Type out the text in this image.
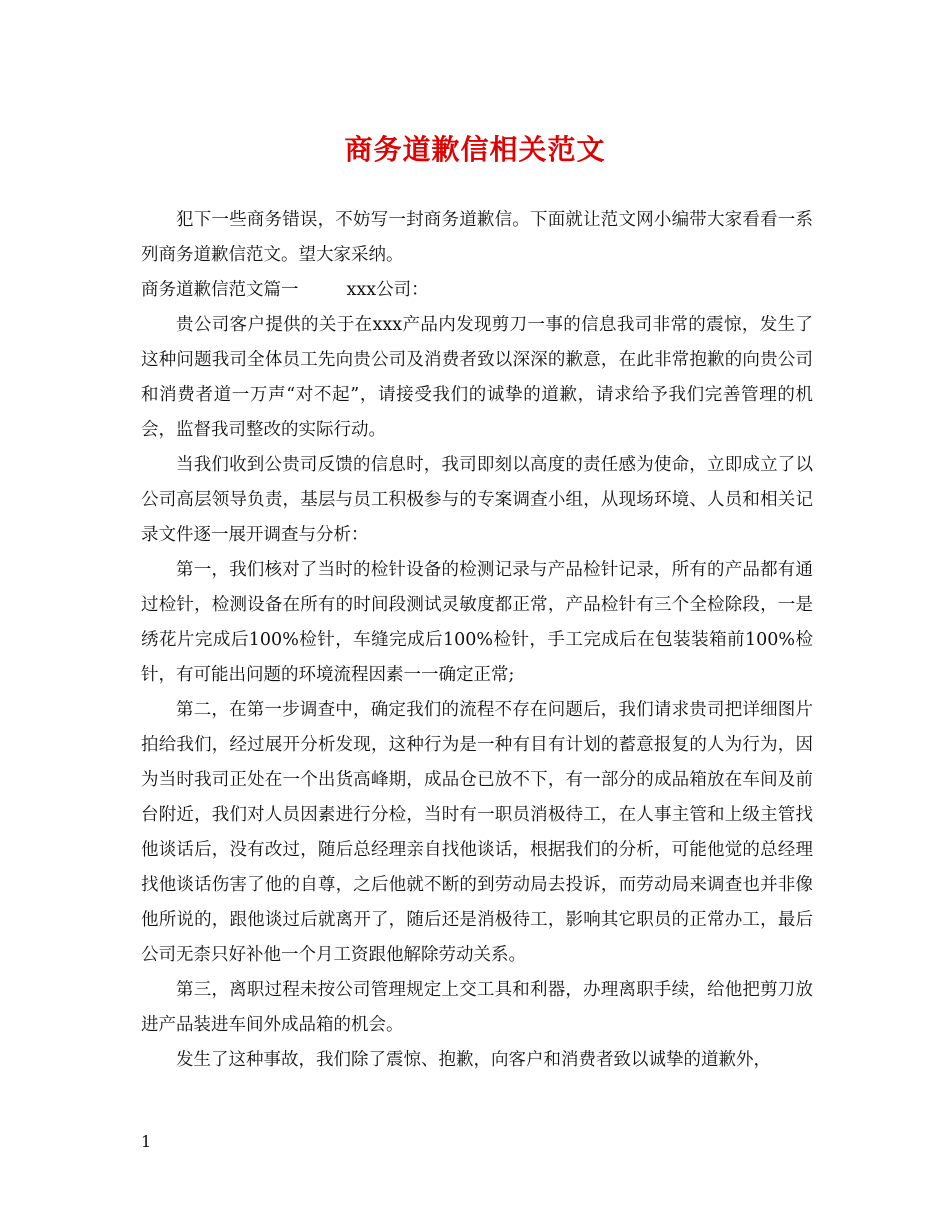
商务道歉信相关范文

犯下一些商务错误，不妨写一封商务道歉信。下面就让范文网小编带大家看看一系列商务道歉信范文。望大家采纳。

商务道歉信范文篇一	xxx公司：

贵公司客户提供的关于在xxx产品内发现剪刀一事的信息我司非常的震惊，发生了这种问题我司全体员工先向贵公司及消费者致以深深的歉意，在此非常抱歉的向贵公司和消费者道一万声“对不起”，请接受我们的诚挚的道歉，请求给予我们完善管理的机会，监督我司整改的实际行动。

当我们收到公贵司反馈的信息时，我司即刻以高度的责任感为使命，立即成立了以公司高层领导负责，基层与员工积极参与的专案调查小组，从现场环境、人员和相关记录文件逐一展开调查与分析：

第一，我们核对了当时的检针设备的检测记录与产品检针记录，所有的产品都有通过检针，检测设备在所有的时间段测试灵敏度都正常，产品检针有三个全检除段，一是绣花片完成后100%检针，车缝完成后100%检针，手工完成后在包装装箱前100%检针，有可能出问题的环境流程因素一一确定正常;

第二，在第一步调查中，确定我们的流程不存在问题后，我们请求贵司把详细图片拍给我们，经过展开分析发现，这种行为是一种有目有计划的蓄意报复的人为行为，因为当时我司正处在一个出货高峰期，成品仓已放不下，有一部分的成品箱放在车间及前台附近，我们对人员因素进行分检，当时有一职员消极待工，在人事主管和上级主管找他谈话后，没有改过，随后总经理亲自找他谈话，根据我们的分析，可能他觉的总经理找他谈话伤害了他的自尊，之后他就不断的到劳动局去投诉，而劳动局来调查也并非像他所说的，跟他谈过后就离开了，随后还是消极待工，影响其它职员的正常办工，最后公司无柰只好补他一个月工资跟他解除劳动关系。

第三，离职过程未按公司管理规定上交工具和利器，办理离职手续，给他把剪刀放进产品装进车间外成品箱的机会。

发生了这种事故，我们除了震惊、抱歉，向客户和消费者致以诚挚的道歉外，

1
